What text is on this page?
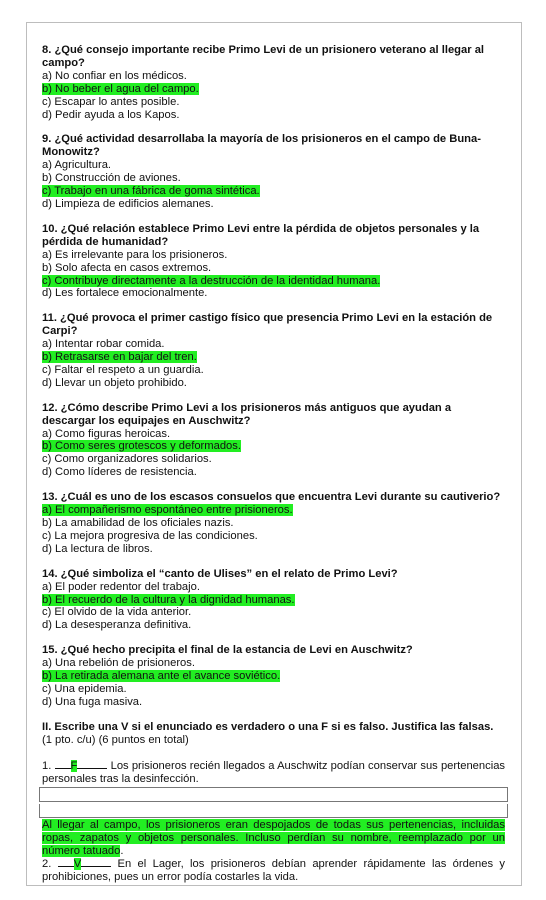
8. ¿Qué consejo importante recibe Primo Levi de un prisionero veterano al llegar al campo?
a) No confiar en los médicos.
b) No beber el agua del campo.
c) Escapar lo antes posible.
d) Pedir ayuda a los Kapos.
9. ¿Qué actividad desarrollaba la mayoría de los prisioneros en el campo de Buna-Monowitz?
a) Agricultura.
b) Construcción de aviones.
c) Trabajo en una fábrica de goma sintética.
d) Limpieza de edificios alemanes.
10. ¿Qué relación establece Primo Levi entre la pérdida de objetos personales y la pérdida de humanidad?
a) Es irrelevante para los prisioneros.
b) Solo afecta en casos extremos.
c) Contribuye directamente a la destrucción de la identidad humana.
d) Les fortalece emocionalmente.
11. ¿Qué provoca el primer castigo físico que presencia Primo Levi en la estación de Carpi?
a) Intentar robar comida.
b) Retrasarse en bajar del tren.
c) Faltar el respeto a un guardia.
d) Llevar un objeto prohibido.
12. ¿Cómo describe Primo Levi a los prisioneros más antiguos que ayudan a descargar los equipajes en Auschwitz?
a) Como figuras heroicas.
b) Como seres grotescos y deformados.
c) Como organizadores solidarios.
d) Como líderes de resistencia.
13. ¿Cuál es uno de los escasos consuelos que encuentra Levi durante su cautiverio?
a) El compañerismo espontáneo entre prisioneros.
b) La amabilidad de los oficiales nazis.
c) La mejora progresiva de las condiciones.
d) La lectura de libros.
14. ¿Qué simboliza el “canto de Ulises” en el relato de Primo Levi?
a) El poder redentor del trabajo.
b) El recuerdo de la cultura y la dignidad humanas.
c) El olvido de la vida anterior.
d) La desesperanza definitiva.
15. ¿Qué hecho precipita el final de la estancia de Levi en Auschwitz?
a) Una rebelión de prisioneros.
b) La retirada alemana ante el avance soviético.
c) Una epidemia.
d) Una fuga masiva.
II. Escribe una V si el enunciado es verdadero o una F si es falso. Justifica las falsas.
(1 pto. c/u) (6 puntos en total)
1. F	Los prisioneros recién llegados a Auschwitz podían conservar sus pertenencias personales tras la desinfección.
Al llegar al campo, los prisioneros eran despojados de todas sus pertenencias, incluidas ropas, zapatos y objetos personales. Incluso perdían su nombre, reemplazado por un número tatuado.
2. V	En el Lager, los prisioneros debían aprender rápidamente las órdenes y prohibiciones, pues un error podía costarles la vida.
